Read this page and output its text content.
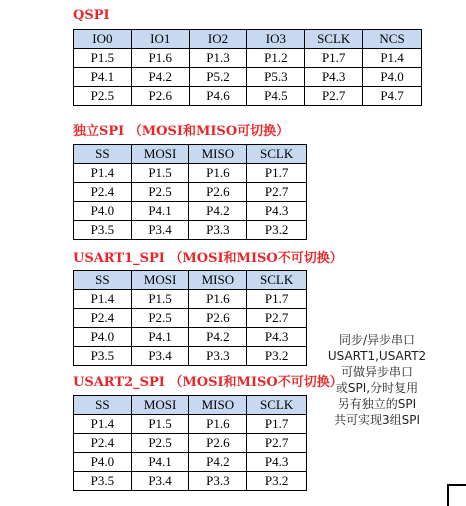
QSPI
IO0	IO1	IO2	IO3	SCLK	NCS
P1.5	P1.6	P1.3	P1.2	P1.7	P1.4
P4.1	P4.2	P5.2	P5.3	P4.3	P4.0
P2.5	P2.6	P4.6	P4.5	P2.7	P4.7
独立SPI （MOSI和MISO可切换）
SS	MOSI	MISO	SCLK
P1.4	P1.5	P1.6	P1.7
P2.4	P2.5	P2.6	P2.7
P4.0	P4.1	P4.2	P4.3
P3.5	P3.4	P3.3	P3.2
USART1_SPI （MOSI和MISO不可切换）
SS	MOSI	MISO	SCLK
P1.4	P1.5	P1.6	P1.7
P2.4	P2.5	P2.6	P2.7
P4.0	P4.1	P4.2	P4.3
P3.5	P3.4	P3.3	P3.2
USART2_SPI （MOSI和MISO不可切换）
SS	MOSI	MISO	SCLK
P1.4	P1.5	P1.6	P1.7
P2.4	P2.5	P2.6	P2.7
P4.0	P4.1	P4.2	P4.3
P3.5	P3.4	P3.3	P3.2
同步/异步串口
USART1,USART2
可做异步串口
或SPI,分时复用
另有独立的SPI
共可实现3组SPI
